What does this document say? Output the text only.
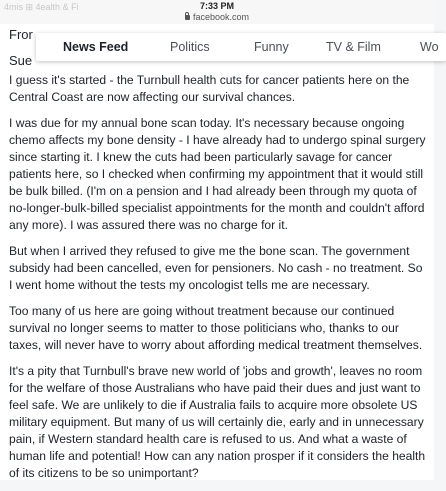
4mis ⊞ 4ealth & Fi	7:33 PM
facebook.com
Fror
Sue
News Feed	Politics	Funny	TV & Film	Wo

I guess it's started - the Turnbull health cuts for cancer patients here on the Central Coast are now affecting our survival chances.

I was due for my annual bone scan today. It's necessary because ongoing chemo affects my bone density - I have already had to undergo spinal surgery since starting it. I knew the cuts had been particularly savage for cancer patients here, so I checked when confirming my appointment that it would still be bulk billed. (I'm on a pension and I had already been through my quota of no-longer-bulk-billed specialist appointments for the month and couldn't afford any more). I was assured there was no charge for it.

But when I arrived they refused to give me the bone scan. The government subsidy had been cancelled, even for pensioners. No cash - no treatment. So I went home without the tests my oncologist tells me are necessary.

Too many of us here are going without treatment because our continued survival no longer seems to matter to those politicians who, thanks to our taxes, will never have to worry about affording medical treatment themselves.

It's a pity that Turnbull's brave new world of 'jobs and growth', leaves no room for the welfare of those Australians who have paid their dues and just want to feel safe. We are unlikely to die if Australia fails to acquire more obsolete US military equipment. But many of us will certainly die, early and in unnecessary pain, if Western standard health care is refused to us. And what a waste of human life and potential! How can any nation prosper if it considers the health of its citizens to be so unimportant?
